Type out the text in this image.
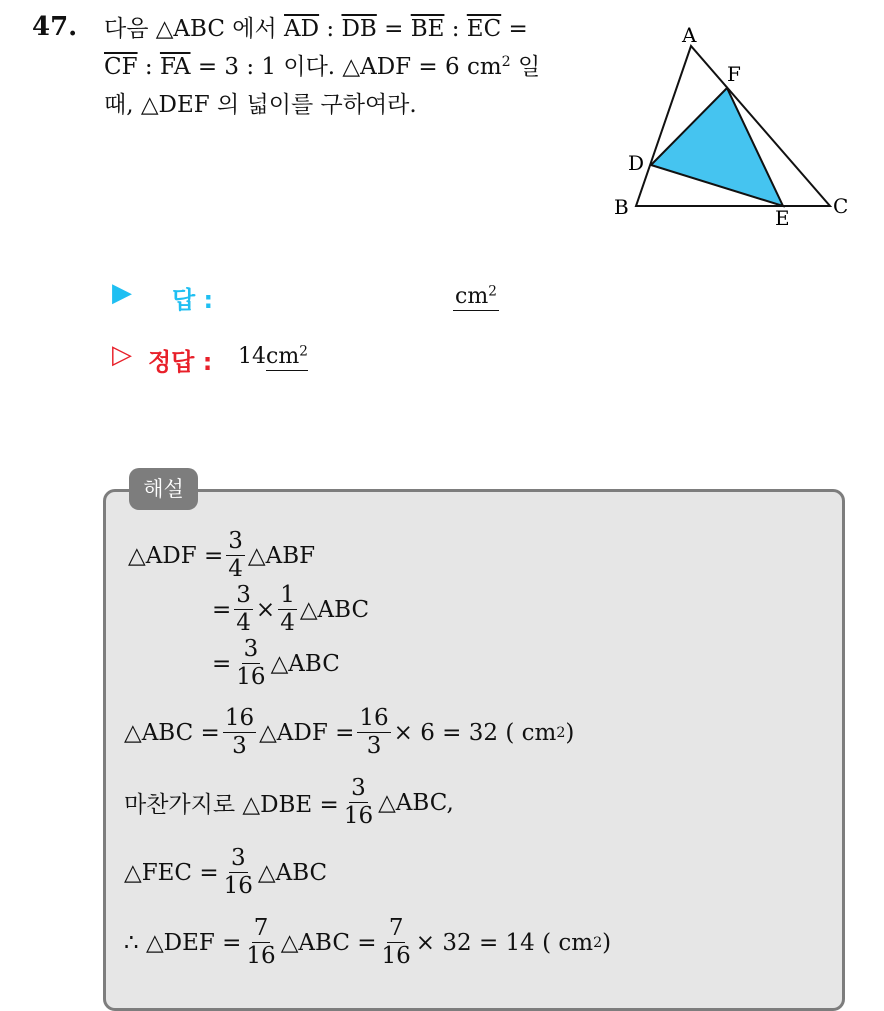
47. 다음 △ABC 에서 $\overline{AD}$ : $\overline{DB} = \overline{BE}$ : $\overline{EC}$ =
$\overline{CF}$ : $\overline{FA} = 3$ : 1 이다. △ADF = 6 $cm^2$ 일
때, △DEF 의 넓이를 구하여라.
A
F
D
B	E C
▶ 답 :	$cm^2$
▷ 정답 : $14cm^2$
해설
△ADF = $\frac{3}{4}$ △ABF
= $\frac{3}{4} \times \frac{1}{4}$ △ABC
= $\frac{3}{16}$ △ABC
△ABC = $\frac{16}{3}$ △ADF = $\frac{16}{3} \times 6 = 32$ ( cm 2 )
마찬가지로 △DBE = $\frac{3}{16}$ △ABC,
△FEC = $\frac{3}{16}$ △ABC
∴ △DEF = $\frac{7}{16}$ △ABC = $\frac{7}{16} \times 32 = 14$ ( cm 2 )
